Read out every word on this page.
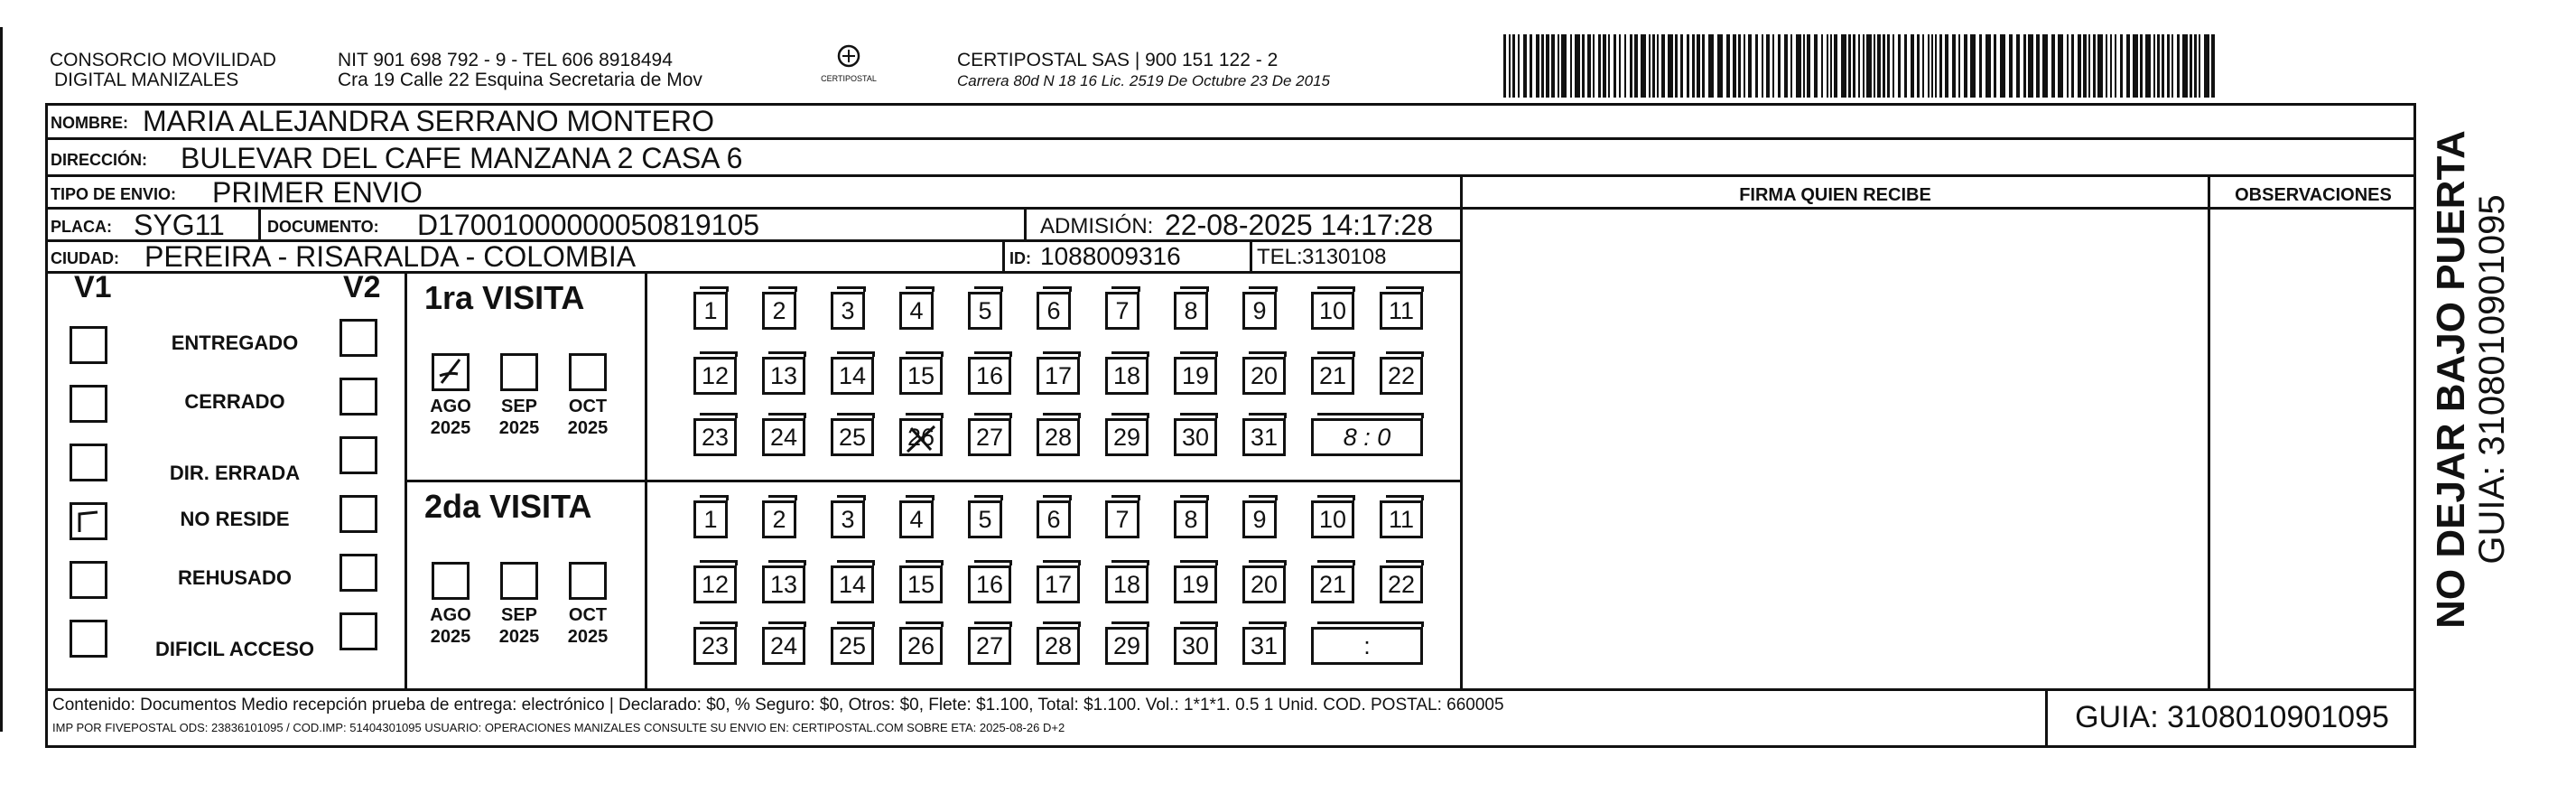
CONSORCIO MOVILIDAD
DIGITAL MANIZALES
NIT 901 698 792 - 9 - TEL 606 8918494
Cra 19 Calle 22 Esquina Secretaria de Mov	CERTIPOSTAL
CERTIPOSTAL SAS | 900 151 122 - 2
Carrera 80d N 18 16 Lic. 2519 De Octubre 23 De 2015
NOMBRE: MARIA ALEJANDRA SERRANO MONTERO
DIRECCIÓN: BULEVAR DEL CAFE MANZANA 2 CASA 6
TIPO DE ENVIO: PRIMER ENVIO
PLACA: SYG11	DOCUMENTO: D17001000000050819105	ADMISIÓN: 22-08-2025 14:17:28
CIUDAD: PEREIRA - RISARALDA - COLOMBIA	ID: 1088009316	TEL: 3130108
FIRMA QUIEN RECIBE	OBSERVACIONES
V1	V2
ENTREGADO
CERRADO
DIR. ERRADA
NO RESIDE
REHUSADO
DIFICIL ACCESO
1ra VISITA
AGO
2025
SEP
2025
OCT
2025
1	2	3	4	5	6	7	8	9	10	11
12	13	14	15	16	17	18	19	20	21	22
23	24	25	26	27	28	29	30	31	8 : 0
2da VISITA
AGO
2025
SEP
2025
OCT
2025
1	2	3	4	5	6	7	8	9	10	11
12	13	14	15	16	17	18	19	20	21	22
23	24	25	26	27	28	29	30	31	:
Contenido: Documentos Medio recepción prueba de entrega: electrónico | Declarado: $0, % Seguro: $0, Otros: $0, Flete: $1.100, Total: $1.100. Vol.: 1*1*1. 0.5 1 Unid. COD. POSTAL: 660005
IMP POR FIVEPOSTAL ODS: 23836101095 / COD.IMP: 51404301095 USUARIO: OPERACIONES MANIZALES CONSULTE SU ENVIO EN: CERTIPOSTAL.COM SOBRE ETA: 2025-08-26 D+2	GUIA: 3108010901095
NO DEJAR BAJO PUERTA GUIA: 3108010901095
